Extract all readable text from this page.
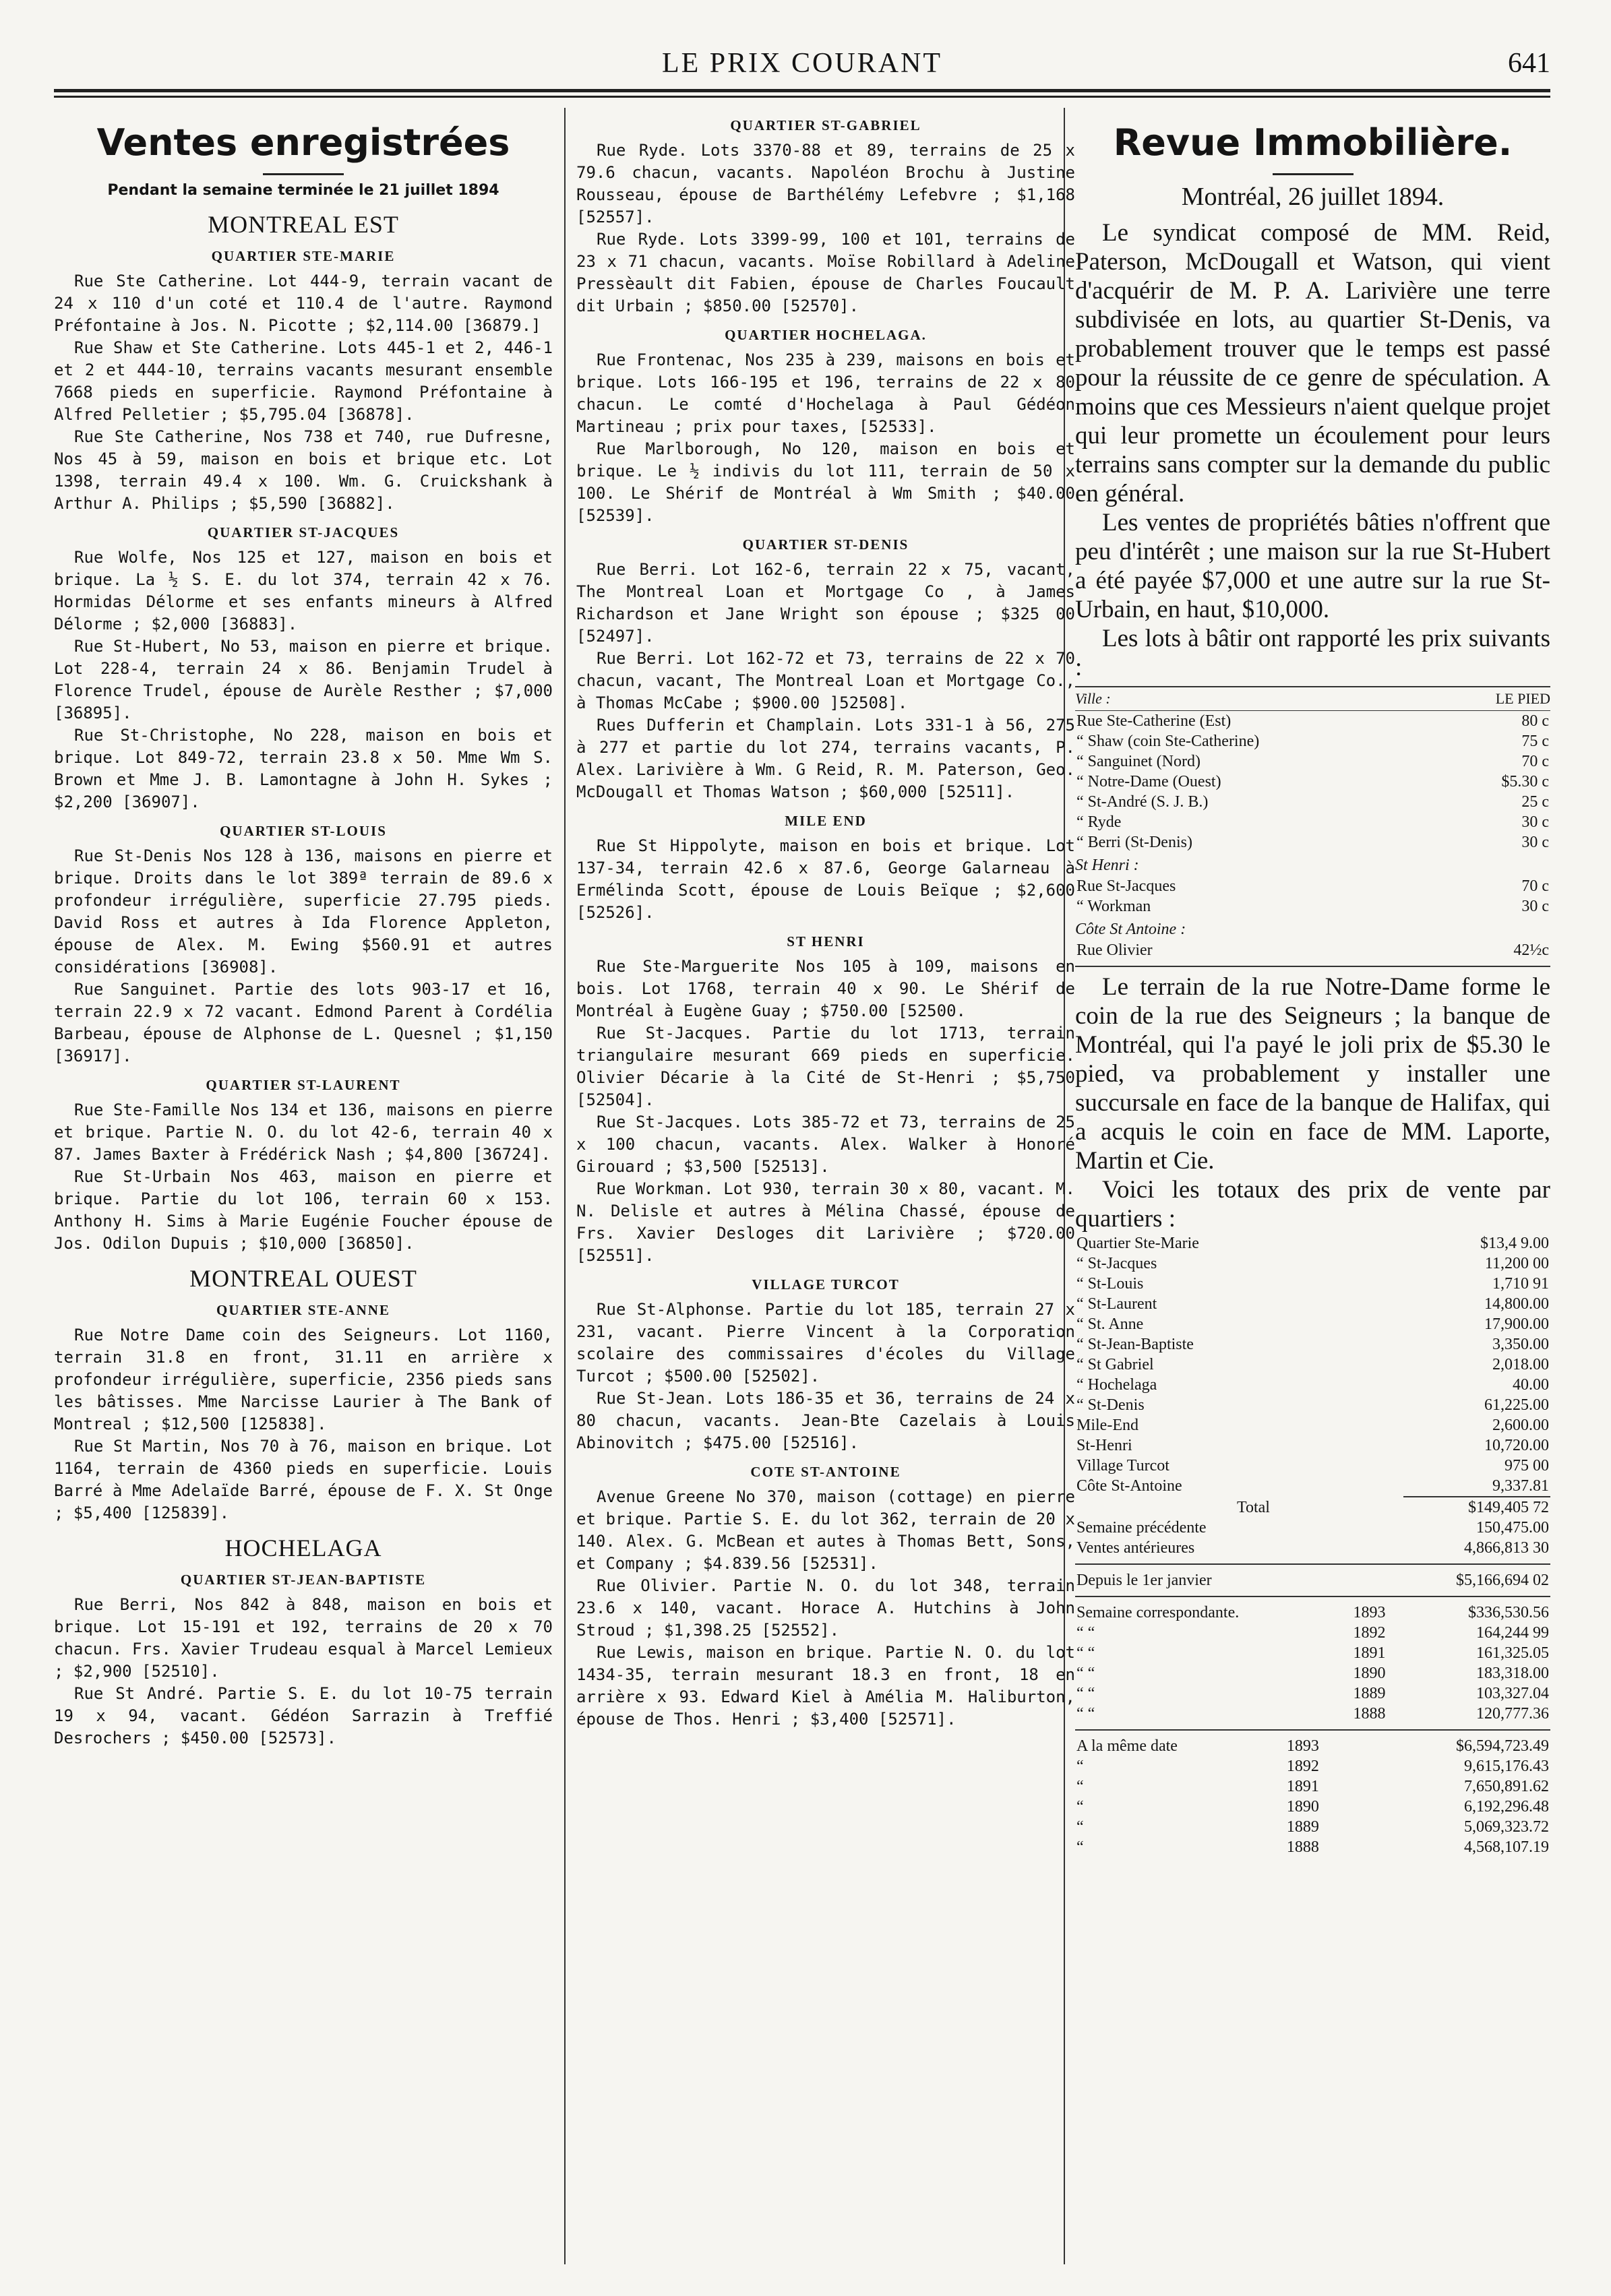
LE PRIX COURANT	641
Ventes enregistrées
Pendant la semaine terminée le 21 juillet 1894
MONTREAL EST
QUARTIER STE-MARIE

Rue Ste Catherine. Lot 444-9, terrain vacant de 24 x 110 d'un coté et 110.4 de l'autre. Raymond Préfontaine à Jos. N. Picotte ; $2,114.00 [36879.]

Rue Shaw et Ste Catherine. Lots 445-1 et 2, 446-1 et 2 et 444-10, terrains vacants mesurant ensemble 7668 pieds en superficie. Raymond Préfontaine à Alfred Pelletier ; $5,795.04 [36878].

Rue Ste Catherine, Nos 738 et 740, rue Dufresne, Nos 45 à 59, maison en bois et brique etc. Lot 1398, terrain 49.4 x 100. Wm. G. Cruickshank à Arthur A. Philips ; $5,590 [36882].

QUARTIER ST-JACQUES

Rue Wolfe, Nos 125 et 127, maison en bois et brique. La ½ S. E. du lot 374, terrain 42 x 76. Hormidas Délorme et ses enfants mineurs à Alfred Délorme ; $2,000 [36883].

Rue St-Hubert, No 53, maison en pierre et brique. Lot 228-4, terrain 24 x 86. Benjamin Trudel à Florence Trudel, épouse de Aurèle Resther ; $7,000 [36895].

Rue St-Christophe, No 228, maison en bois et brique. Lot 849-72, terrain 23.8 x 50. Mme Wm S. Brown et Mme J. B. Lamontagne à John H. Sykes ; $2,200 [36907].

QUARTIER ST-LOUIS

Rue St-Denis Nos 128 à 136, maisons en pierre et brique. Droits dans le lot 389ª terrain de 89.6 x profondeur irrégulière, superficie 27.795 pieds. David Ross et autres à Ida Florence Appleton, épouse de Alex. M. Ewing $560.91 et autres considérations [36908].

Rue Sanguinet. Partie des lots 903-17 et 16, terrain 22.9 x 72 vacant. Edmond Parent à Cordélia Barbeau, épouse de Alphonse de L. Quesnel ; $1,150 [36917].

QUARTIER ST-LAURENT

Rue Ste-Famille Nos 134 et 136, maisons en pierre et brique. Partie N. O. du lot 42-6, terrain 40 x 87. James Baxter à Frédérick Nash ; $4,800 [36724].

Rue St-Urbain Nos 463, maison en pierre et brique. Partie du lot 106, terrain 60 x 153. Anthony H. Sims à Marie Eugénie Foucher épouse de Jos. Odilon Dupuis ; $10,000 [36850].

MONTREAL OUEST
QUARTIER STE-ANNE

Rue Notre Dame coin des Seigneurs. Lot 1160, terrain 31.8 en front, 31.11 en arrière x profondeur irrégulière, superficie, 2356 pieds sans les bâtisses. Mme Narcisse Laurier à The Bank of Montreal ; $12,500 [125838].

Rue St Martin, Nos 70 à 76, maison en brique. Lot 1164, terrain de 4360 pieds en superficie. Louis Barré à Mme Adelaïde Barré, épouse de F. X. St Onge ; $5,400 [125839].

HOCHELAGA
QUARTIER ST-JEAN-BAPTISTE

Rue Berri, Nos 842 à 848, maison en bois et brique. Lot 15-191 et 192, terrains de 20 x 70 chacun. Frs. Xavier Trudeau esqual à Marcel Lemieux ; $2,900 [52510].

Rue St André. Partie S. E. du lot 10-75 terrain 19 x 94, vacant. Gédéon Sarrazin à Treffié Desrochers ; $450.00 [52573].

QUARTIER ST-GABRIEL

Rue Ryde. Lots 3370-88 et 89, terrains de 25 x 79.6 chacun, vacants. Napoléon Brochu à Justine Rousseau, épouse de Barthélémy Lefebvre ; $1,168 [52557].

Rue Ryde. Lots 3399-99, 100 et 101, terrains de 23 x 71 chacun, vacants. Moïse Robillard à Adeline Pressèault dit Fabien, épouse de Charles Foucault dit Urbain ; $850.00 [52570].

QUARTIER HOCHELAGA.

Rue Frontenac, Nos 235 à 239, maisons en bois et brique. Lots 166-195 et 196, terrains de 22 x 80 chacun. Le comté d'Hochelaga à Paul Gédéon Martineau ; prix pour taxes, [52533].

Rue Marlborough, No 120, maison en bois et brique. Le ½ indivis du lot 111, terrain de 50 x 100. Le Shérif de Montréal à Wm Smith ; $40.00 [52539].

QUARTIER ST-DENIS

Rue Berri. Lot 162-6, terrain 22 x 75, vacant, The Montreal Loan et Mortgage Co , à James Richardson et Jane Wright son épouse ; $325 00 [52497].

Rue Berri. Lot 162-72 et 73, terrains de 22 x 70 chacun, vacant, The Montreal Loan et Mortgage Co., à Thomas McCabe ; $900.00 ]52508].

Rues Dufferin et Champlain. Lots 331-1 à 56, 275 à 277 et partie du lot 274, terrains vacants, P. Alex. Larivière à Wm. G Reid, R. M. Paterson, Geo. McDougall et Thomas Watson ; $60,000 [52511].

MILE END

Rue St Hippolyte, maison en bois et brique. Lot 137-34, terrain 42.6 x 87.6, George Galarneau à Ermélinda Scott, épouse de Louis Beïque ; $2,600 [52526].

ST HENRI

Rue Ste-Marguerite Nos 105 à 109, maisons en bois. Lot 1768, terrain 40 x 90. Le Shérif de Montréal à Eugène Guay ; $750.00 [52500.

Rue St-Jacques. Partie du lot 1713, terrain triangulaire mesurant 669 pieds en superficie. Olivier Décarie à la Cité de St-Henri ; $5,750 [52504].

Rue St-Jacques. Lots 385-72 et 73, terrains de 25 x 100 chacun, vacants. Alex. Walker à Honoré Girouard ; $3,500 [52513].

Rue Workman. Lot 930, terrain 30 x 80, vacant. M. N. Delisle et autres à Mélina Chassé, épouse de Frs. Xavier Desloges dit Larivière ; $720.00 [52551].

VILLAGE TURCOT

Rue St-Alphonse. Partie du lot 185, terrain 27 x 231, vacant. Pierre Vincent à la Corporation scolaire des commissaires d'écoles du Village Turcot ; $500.00 [52502].

Rue St-Jean. Lots 186-35 et 36, terrains de 24 x 80 chacun, vacants. Jean-Bte Cazelais à Louis Abinovitch ; $475.00 [52516].

COTE ST-ANTOINE

Avenue Greene No 370, maison (cottage) en pierre et brique. Partie S. E. du lot 362, terrain de 20 x 140. Alex. G. McBean et autes à Thomas Bett, Sons, et Company ; $4.839.56 [52531].

Rue Olivier. Partie N. O. du lot 348, terrain 23.6 x 140, vacant. Horace A. Hutchins à John Stroud ; $1,398.25 [52552].

Rue Lewis, maison en brique. Partie N. O. du lot 1434-35, terrain mesurant 18.3 en front, 18 en arrière x 93. Edward Kiel à Amélia M. Haliburton, épouse de Thos. Henri ; $3,400 [52571].

Revue Immobilière.
Montréal, 26 juillet 1894.

Le syndicat composé de MM. Reid, Paterson, McDougall et Watson, qui vient d'acquérir de M. P. A. Larivière une terre subdivisée en lots, au quartier St-Denis, va probablement trouver que le temps est passé pour la réussite de ce genre de spéculation. A moins que ces Messieurs n'aient quelque projet qui leur promette un écoulement pour leurs terrains sans compter sur la demande du public en général.

Les ventes de propriétés bâties n'offrent que peu d'intérêt ; une maison sur la rue St-Hubert a été payée $7,000 et une autre sur la rue St-Urbain, en haut, $10,000.

Les lots à bâtir ont rapporté les prix suivants :

Ville :	LE PIED
Rue Ste-Catherine (Est)	80 c
“ Shaw (coin Ste-Catherine)	75 c
“ Sanguinet (Nord)	70 c
“ Notre-Dame (Ouest)	$5.30 c
“ St-André (S. J. B.)	25 c
“ Ryde	30 c
“ Berri (St-Denis)	30 c
St Henri :
Rue St-Jacques	70 c
“ Workman	30 c
Côte St Antoine :
Rue Olivier	42½c

Le terrain de la rue Notre-Dame forme le coin de la rue des Seigneurs ; la banque de Montréal, qui l'a payé le joli prix de $5.30 le pied, va probablement y installer une succursale en face de la banque de Halifax, qui a acquis le coin en face de MM. Laporte, Martin et Cie.

Voici les totaux des prix de vente par quartiers :

Quartier Ste-Marie	$13,4 9.00
“ St-Jacques	11,200 00
“ St-Louis	1,710 91
“ St-Laurent	14,800.00
“ St. Anne	17,900.00
“ St-Jean-Baptiste	3,350.00
“ St Gabriel	2,018.00
“ Hochelaga	40.00
“ St-Denis	61,225.00
Mile-End	2,600.00
St-Henri	10,720.00
Village Turcot	975 00
Côte St-Antoine	9,337.81
Total	$149,405 72
Semaine précédente	150,475.00
Ventes antérieures	4,866,813 30
Depuis le 1er janvier	$5,166,694 02
Semaine correspondante.	1893	$336,530.56
“ “	1892	164,244 99
“ “	1891	161,325.05
“ “	1890	183,318.00
“ “	1889	103,327.04
“ “	1888	120,777.36
A la même date	1893	$6,594,723.49
“	1892	9,615,176.43
“	1891	7,650,891.62
“	1890	6,192,296.48
“	1889	5,069,323.72
“	1888	4,568,107.19
